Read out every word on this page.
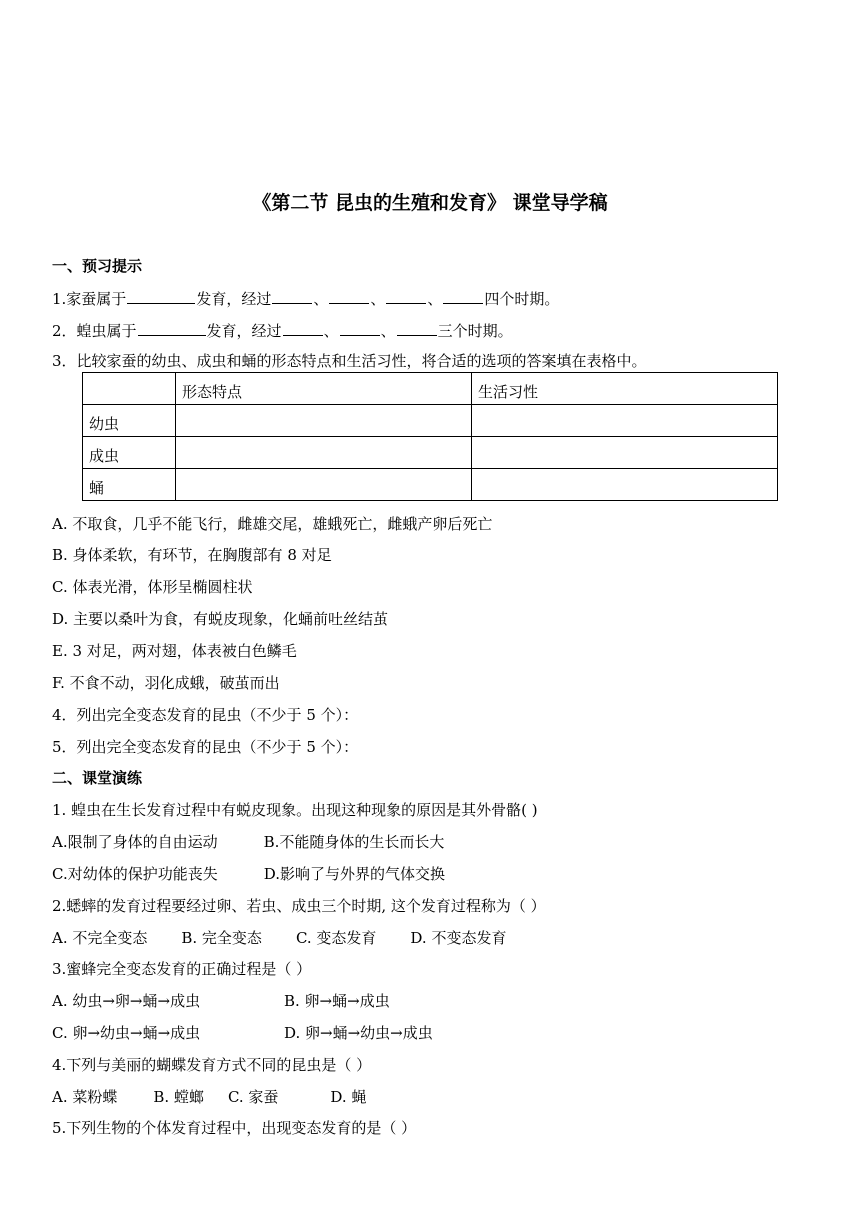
《第二节 昆虫的生殖和发育》 课堂导学稿
一、预习提示
1.家蚕属于	发育，经过	、	、	、	四个时期。
2．蝗虫属于	发育，经过	、	、	三个时期。
3．比较家蚕的幼虫、成虫和蛹的形态特点和生活习性，将合适的选项的答案填在表格中。
	形态特点	生活习性
幼虫		
成虫		
蛹		
A. 不取食，几乎不能飞行，雌雄交尾，雄蛾死亡，雌蛾产卵后死亡
B. 身体柔软，有环节，在胸腹部有 8 对足
C. 体表光滑，体形呈椭圆柱状
D. 主要以桑叶为食，有蜕皮现象，化蛹前吐丝结茧
E. 3 对足，两对翅，体表被白色鳞毛
F. 不食不动，羽化成蛾，破茧而出
4．列出完全变态发育的昆虫（不少于 5 个）：
5．列出完全变态发育的昆虫（不少于 5 个）：
二、课堂演练
1. 蝗虫在生长发育过程中有蜕皮现象。出现这种现象的原因是其外骨骼( )
A.限制了身体的自由运动	B.不能随身体的生长而长大
C.对幼体的保护功能丧失	D.影响了与外界的气体交换
2.蟋蟀的发育过程要经过卵、若虫、成虫三个时期, 这个发育过程称为（ ）
A. 不完全变态 B. 完全变态 C. 变态发育 D. 不变态发育
3.蜜蜂完全变态发育的正确过程是（ ）
A. 幼虫→卵→蛹→成虫	B. 卵→蛹→成虫
C. 卵→幼虫→蛹→成虫	D. 卵→蛹→幼虫→成虫
4.下列与美丽的蝴蝶发育方式不同的昆虫是（ ）
A. 菜粉蝶 B. 螳螂 C. 家蚕	D. 蝇
5.下列生物的个体发育过程中，出现变态发育的是（ ）
